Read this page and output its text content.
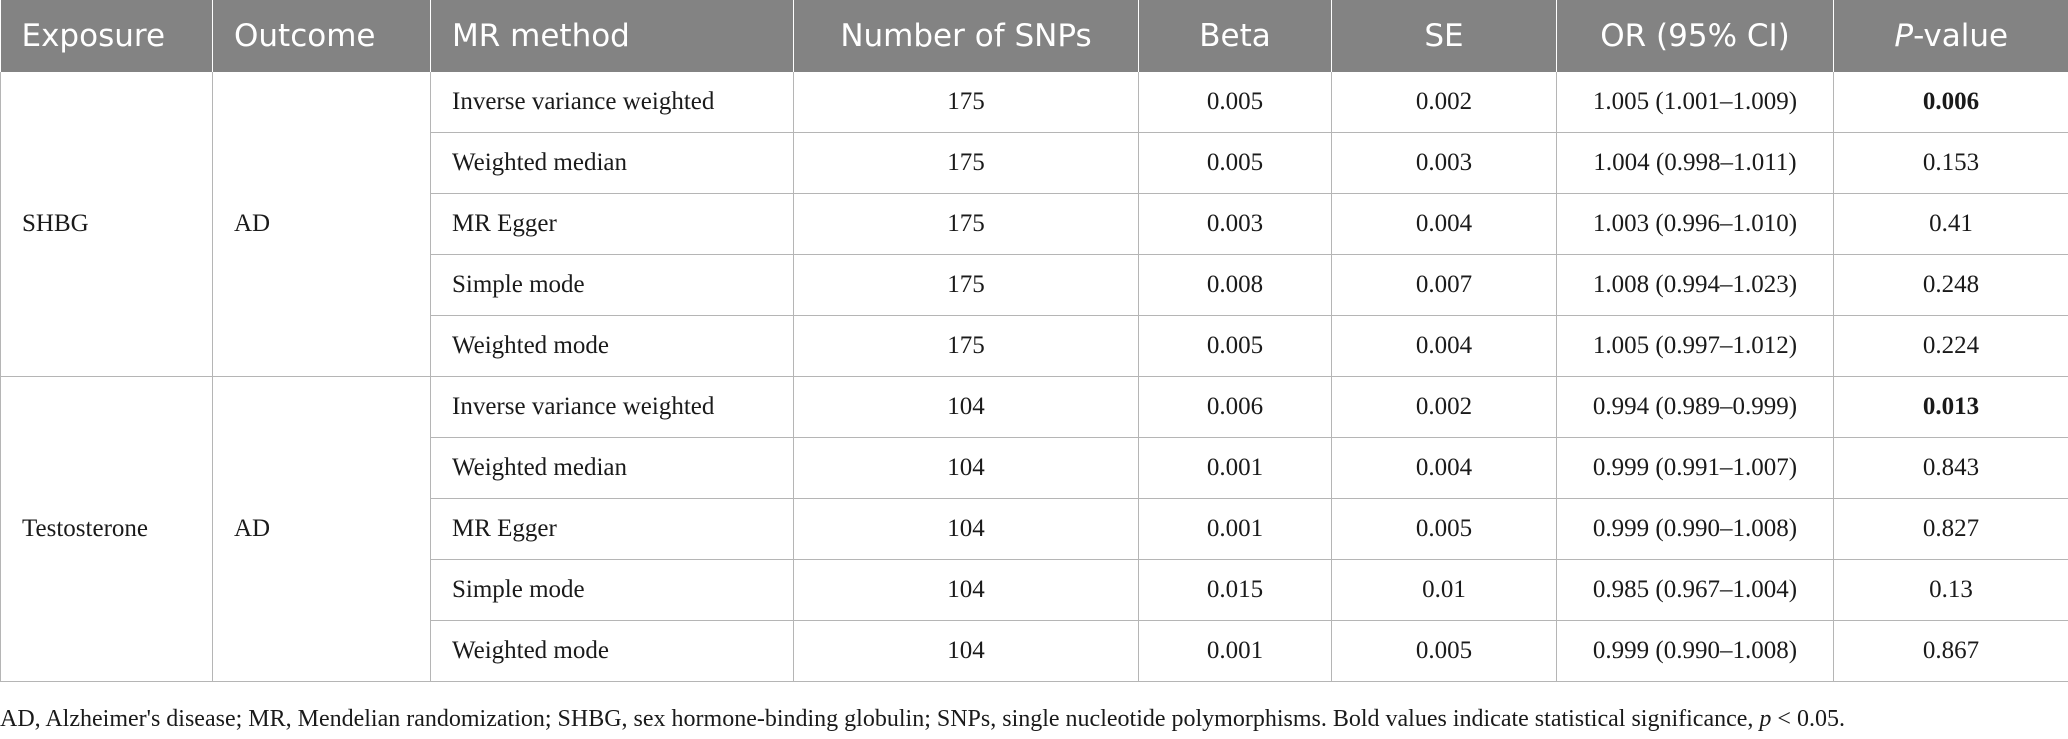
Exposure	Outcome	MR method	Number of SNPs	Beta	SE	OR (95% CI)	P-value
SHBG	AD	Inverse variance weighted	175	0.005	0.002	1.005 (1.001–1.009)	0.006
		Weighted median	175	0.005	0.003	1.004 (0.998–1.011)	0.153
		MR Egger	175	0.003	0.004	1.003 (0.996–1.010)	0.41
		Simple mode	175	0.008	0.007	1.008 (0.994–1.023)	0.248
		Weighted mode	175	0.005	0.004	1.005 (0.997–1.012)	0.224
Testosterone	AD	Inverse variance weighted	104	0.006	0.002	0.994 (0.989–0.999)	0.013
		Weighted median	104	0.001	0.004	0.999 (0.991–1.007)	0.843
		MR Egger	104	0.001	0.005	0.999 (0.990–1.008)	0.827
		Simple mode	104	0.015	0.01	0.985 (0.967–1.004)	0.13
		Weighted mode	104	0.001	0.005	0.999 (0.990–1.008)	0.867
AD, Alzheimer's disease; MR, Mendelian randomization; SHBG, sex hormone-binding globulin; SNPs, single nucleotide polymorphisms. Bold values indicate statistical significance, p < 0.05.
